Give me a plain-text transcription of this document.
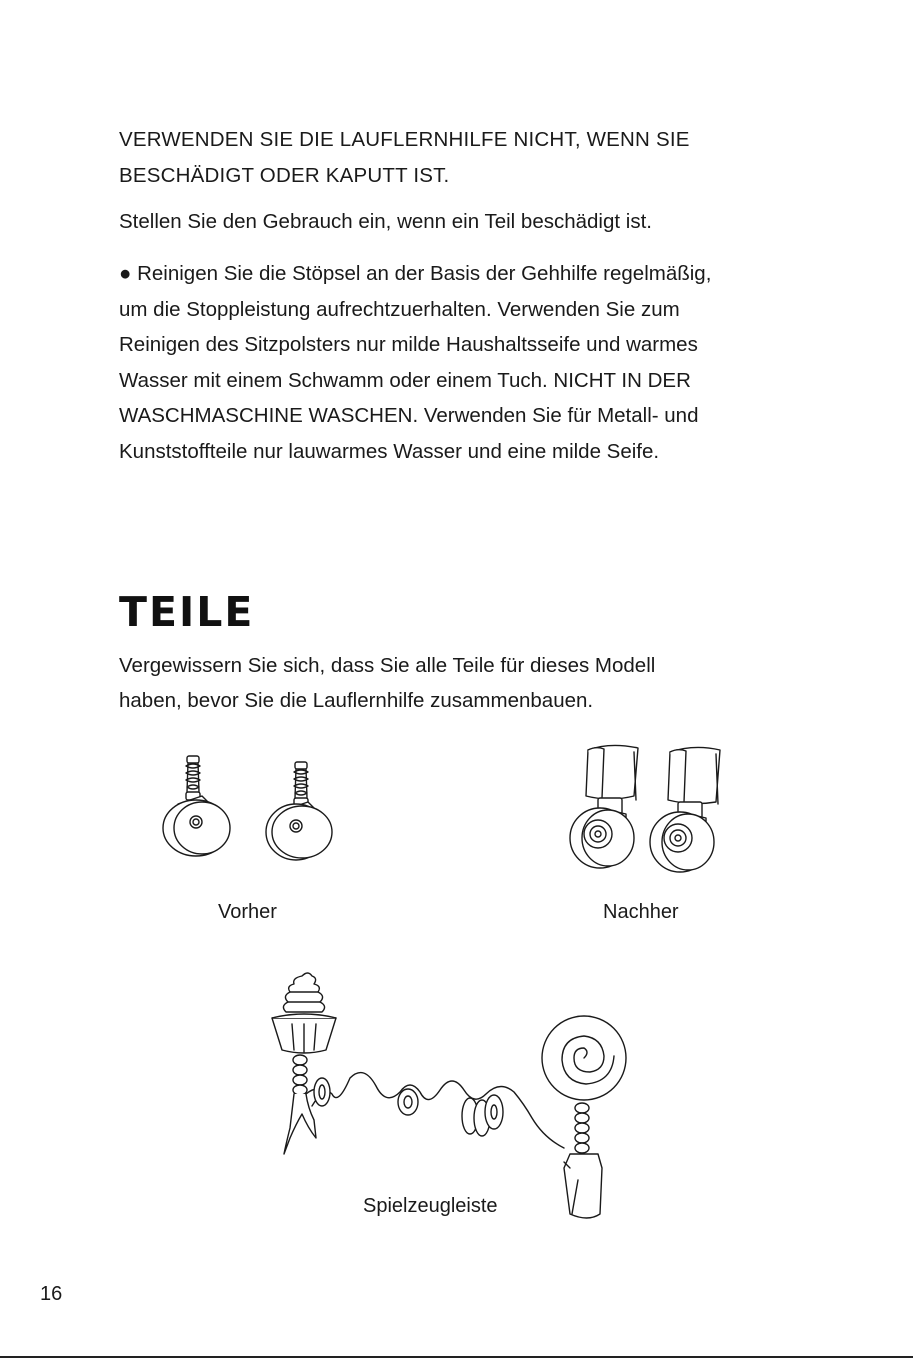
VERWENDEN SIE DIE LAUFLERNHILFE NICHT, WENN SIE
BESCHÄDIGT ODER KAPUTT IST.
Stellen Sie den Gebrauch ein, wenn ein Teil beschädigt ist.
● Reinigen Sie die Stöpsel an der Basis der Gehhilfe regelmäßig,
um die Stoppleistung aufrechtzuerhalten. Verwenden Sie zum
Reinigen des Sitzpolsters nur milde Haushaltsseife und warmes
Wasser mit einem Schwamm oder einem Tuch. NICHT IN DER
WASCHMASCHINE WASCHEN. Verwenden Sie für Metall- und
Kunststoffteile nur lauwarmes Wasser und eine milde Seife.
TEILE
Vergewissern Sie sich, dass Sie alle Teile für dieses Modell
haben, bevor Sie die Lauflernhilfe zusammenbauen.
Vorher	Nachher
Spielzeugleiste
16
